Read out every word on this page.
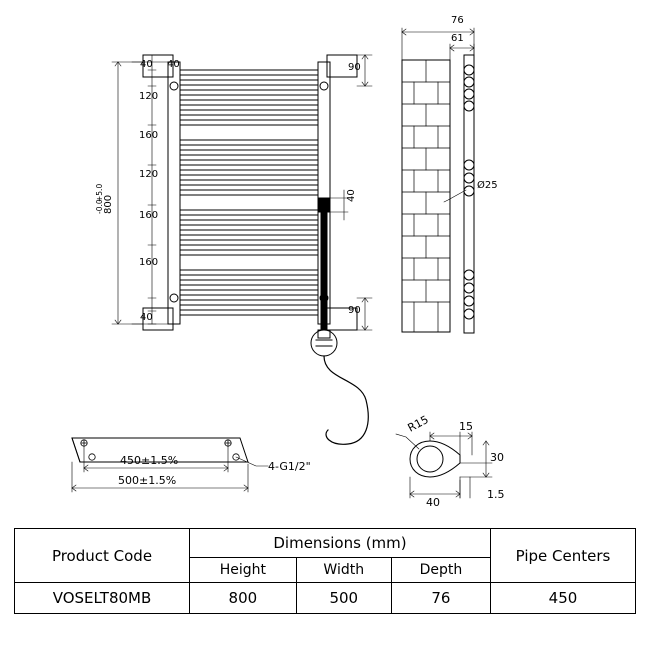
800
+5.0
-0.0
40
120
160
120
160
160
40
40	90
90
40
76
61
Ø25
450±1.5%
500±1.5%
4-G1/2"
R15	15
30
40
1.5
Product Code	Dimensions (mm)			Pipe Centers
	Height	Width	Depth	
VOSELT80MB	800	500	76	450
